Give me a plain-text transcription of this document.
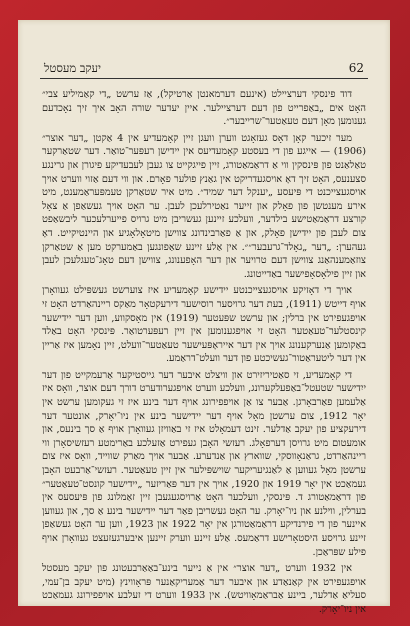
62
יעקב מעסטל

דוד פינסקי דערציילט (אינעם דערמאנטן אַרטיקל), אַז ערשט „די קאַמיליע צבי״ האָט אים „באַפרייט פון דעם דערציילער. איין יעדער שורה האָב איך זיך נאָכדעם גענומען מאָן דעם טעאַטער־שרייבער״.

מער זיכער קאָן דאָס געזאָגט ווערן וועגן זיין קאָמעדיע אין 4 אַקטן „דער אוצר״ (1906) — אייגע פון די בעסטע קאָמעדיעס אין יידישן רעפּער־טואַר. דער שטאַרקער טאַלאַנט פון פּינסקין ווי אַ דראַמאַטורג, זיין פייגקייט צו געבן לעבעדיקע פיגורן און גרינגע סצענעס, האָט זיך דאָ אויסגעדריקט אין גאַנץ פולער פאָרם. און ווי דעם אַזוי ווערט אויך אויסגעצייכנט די פּיעסע „יענקל דער שמיד״. מיט איר שטאַרקן טעמפּעראַמענט, מיט אירע מענטשן פון פאָלק און זייער נאַטירלעכן לעבן. ער האָט אויך געשאַפן אַ צאָל קורצע דראַמאַטישע בילדער, וועלכע זיינען געשריבן מיט גרויס פייערלעכער ליבשאַפט צום לעבן פון יידישן פאָלק, און אַ פאַרבינדונג צווישן מיטאָלאָגיע און היינטיקייט. דאָ געהערן: „דער „גאָלד־גרעבער״״. אין אַלע זיינע שאַפונגען באַמערקט מען אַ שטאַרקן צוזאַמענהאַנג צווישן דעם טרויער און דער האָפענונג, צווישן דעם טאָג־טעגלעכן לעבן און זיין פילאָסאָפישער באַדייטונג.

אויך די דאָזיקע אויסגעצייכנטע יידישע קאָמעדיע איז צוערשט געשפּילט געוואָרן אויף דייטש (1911), בעת דער גרויסער רוסישער דירעקטאָר מאַקס ריינהאַרדט האָט זי אויפגעפירט אין ברלין; און ערשט שפּעטער (1919) אין מאָסקווע, ווען דער יידישער קינסטלער־טעאַטער האָט זי אויפגענומען אין זיין רעפּערטואַר. פּינסקי האָט באַלד באַקומען אַנערקענונג אויך אין דער אייראָפּעישער טעאַטער־וועלט, זיין נאָמען איז אַריין אין דער ליטעראַטור־געשיכטע פון דער וועלט־דראַמע.

די קאָמעדיע, זי סאַטיריזירט און וויצלט איבער דער גייסטיקער אַרעמקייט פון דער ייִדישער שטעטל־באַפעלקערונג, וועלכע ווערט אויפגערודערט דורך דעם אוצר, וואָס איז אַלעמען פאַרבאָרגן. אַבער צו אַן אויפפירונג אויף דער בינע איז זי געקומען ערשט אין יאָר 1912, צום ערשטן מאָל אויף דער יידישער בינע אין ניו־יאָרק, אונטער דער דירעקציע פון יעקב אַדלער. זינט דעמאָלט איז זי באַוויזן געוואָרן אויף אַ סך בינעס, און אומעטום מיט גרויסן דערפאָלג. רעזשי האָבן געפירט אַזעלכע באַרימטע רעזשיסאָרן ווי ריינהאַרדט, גראַנאָווסקי, שווארץ און אַנדערע. אַבער אויך מאַרק שווייד, וואָס איז צום ערשטן מאָל געווען אַ לאַנגיעריקער שוישפּילער אין זיין טעאַטער. רעזשי־אַרבעט האָבן געמאַכט אין יאָר 1919 און 1920, אויך אין דער פּאַריזער „יידישער קונסט־טעאַטער״ פון דראַמאַטורג ד. פּינסקי, וועלכער האָט אַרויסגעגעבן זיין זאַמלונג פון פּיעסעס אין בערלין, ווילנע און ניו־יאָרק. ער האָט געשריבן פאַר דער יידישער בינע אַ סך, און געווען איינער פון די פירנדיקע דראַמאַטורגן אין יאָר 1922 און 1923, ווען ער האָט געשאַפן זיינע גרויסע היסטאָרישע דראַמעס. אַלע זיינע ווערק זיינען איבערגעזעצט געוואָרן אויף פילע שפּראַכן.

אין 1932 ווערט „דער אוצר״ אין אַ נייער בינע־באַאַרבעטונג פון יעקב מעסטל אויפגעפירט אין קאַנאַדע און איבער דער אַמעריקאַנער פּראָווינץ (מיט יעקב בן־עמי, סעליאַ אַדלער, ביינע אַבראַמאָוויטש). אין 1933 ווערט די זעלבע אויפפירונג געמאַכט אין ניו־יאָרק.
